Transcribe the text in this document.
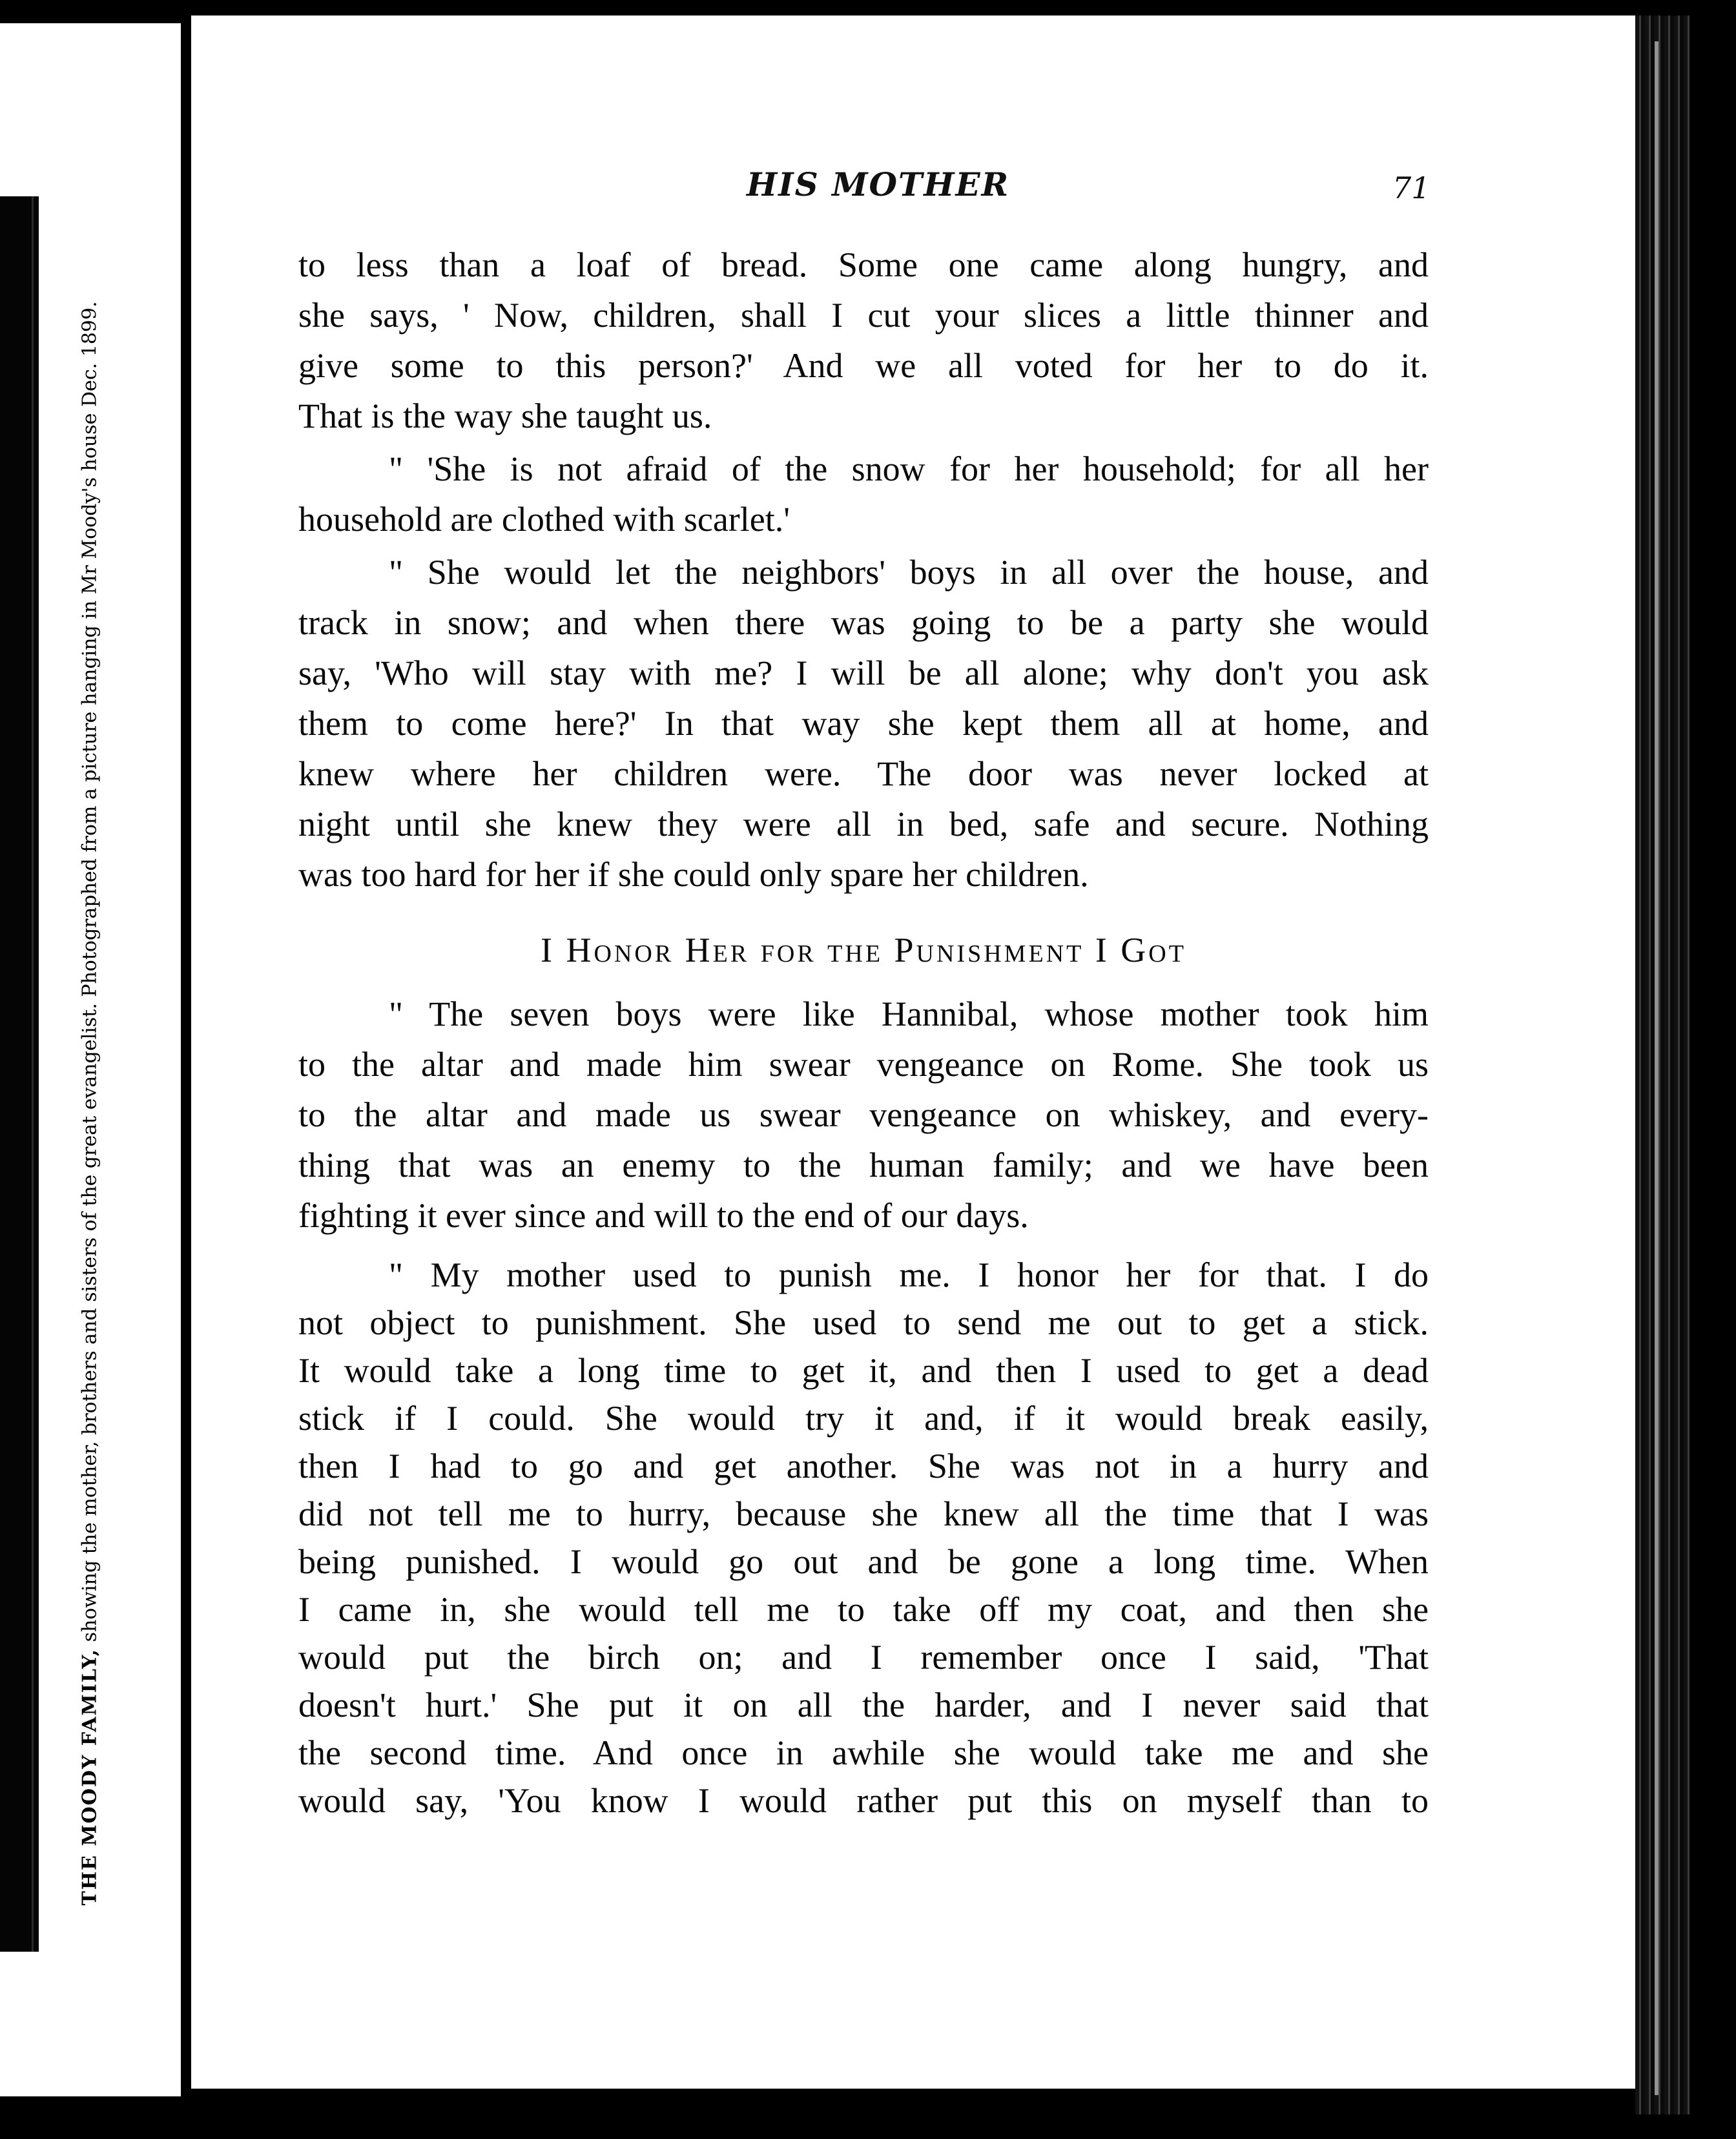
THE MOODY FAMILY, showing the mother, brothers and sisters of the great evangelist. Photographed from a picture hanging in Mr Moody's house Dec. 1899.
HIS MOTHER	71

to less than a loaf of bread. Some one came along hungry, and

she says, ' Now, children, shall I cut your slices a little thinner and

give some to this person?' And we all voted for her to do it.

That is the way she taught us.

" 'She is not afraid of the snow for her household; for all her

household are clothed with scarlet.'

" She would let the neighbors' boys in all over the house, and

track in snow; and when there was going to be a party she would

say, 'Who will stay with me? I will be all alone; why don't you ask

them to come here?' In that way she kept them all at home, and

knew where her children were. The door was never locked at

night until she knew they were all in bed, safe and secure. Nothing

was too hard for her if she could only spare her children.

I Honor Her for the Punishment I Got

" The seven boys were like Hannibal, whose mother took him

to the altar and made him swear vengeance on Rome. She took us

to the altar and made us swear vengeance on whiskey, and every-

thing that was an enemy to the human family; and we have been

fighting it ever since and will to the end of our days.

" My mother used to punish me. I honor her for that. I do

not object to punishment. She used to send me out to get a stick.

It would take a long time to get it, and then I used to get a dead

stick if I could. She would try it and, if it would break easily,

then I had to go and get another. She was not in a hurry and

did not tell me to hurry, because she knew all the time that I was

being punished. I would go out and be gone a long time. When

I came in, she would tell me to take off my coat, and then she

would put the birch on; and I remember once I said, 'That

doesn't hurt.' She put it on all the harder, and I never said that

the second time. And once in awhile she would take me and she

would say, 'You know I would rather put this on myself than to
